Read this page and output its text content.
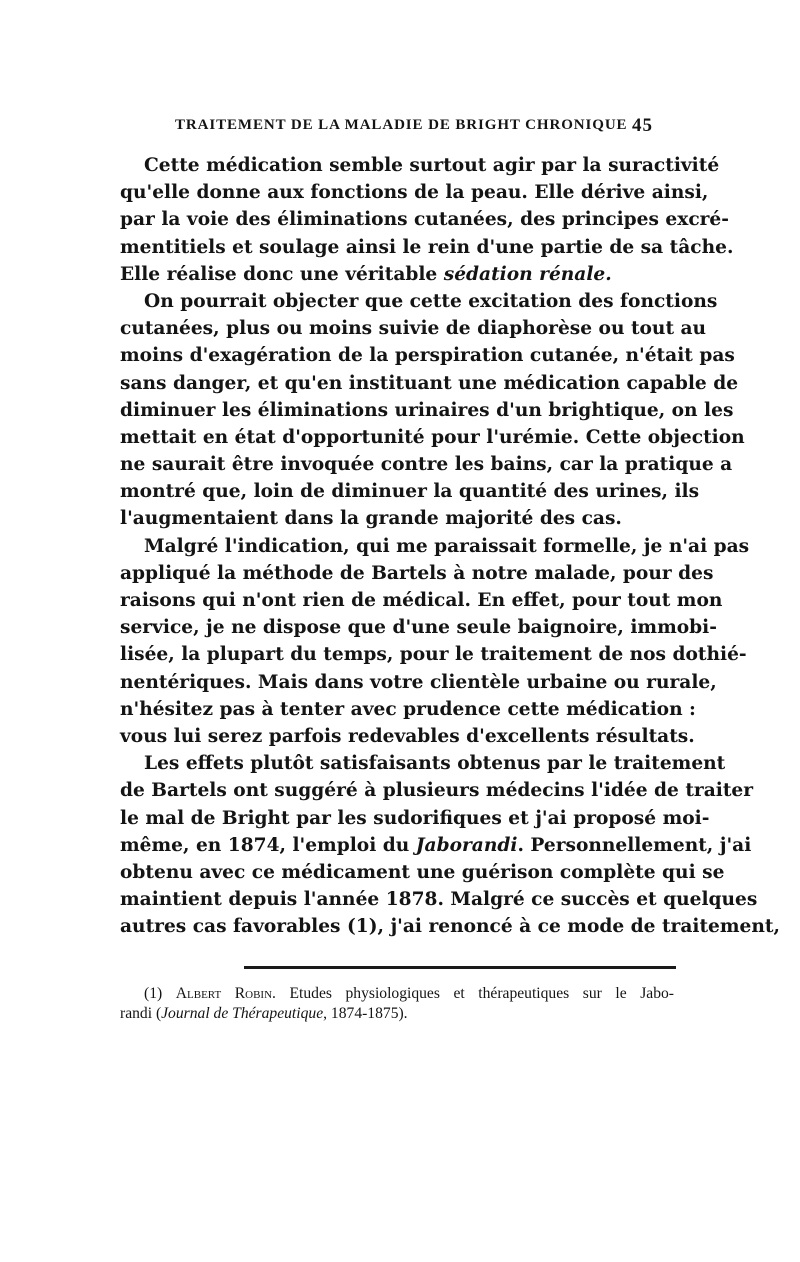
TRAITEMENT DE LA MALADIE DE BRIGHT CHRONIQUE 45
Cette médication semble surtout agir par la suractivité
qu'elle donne aux fonctions de la peau. Elle dérive ainsi,
par la voie des éliminations cutanées, des principes excré-
mentitiels et soulage ainsi le rein d'une partie de sa tâche.
Elle réalise donc une véritable sédation rénale.
On pourrait objecter que cette excitation des fonctions
cutanées, plus ou moins suivie de diaphorèse ou tout au
moins d'exagération de la perspiration cutanée, n'était pas
sans danger, et qu'en instituant une médication capable de
diminuer les éliminations urinaires d'un brightique, on les
mettait en état d'opportunité pour l'urémie. Cette objection
ne saurait être invoquée contre les bains, car la pratique a
montré que, loin de diminuer la quantité des urines, ils
l'augmentaient dans la grande majorité des cas.
Malgré l'indication, qui me paraissait formelle, je n'ai pas
appliqué la méthode de Bartels à notre malade, pour des
raisons qui n'ont rien de médical. En effet, pour tout mon
service, je ne dispose que d'une seule baignoire, immobi-
lisée, la plupart du temps, pour le traitement de nos dothié-
nentériques. Mais dans votre clientèle urbaine ou rurale,
n'hésitez pas à tenter avec prudence cette médication :
vous lui serez parfois redevables d'excellents résultats.
Les effets plutôt satisfaisants obtenus par le traitement
de Bartels ont suggéré à plusieurs médecins l'idée de traiter
le mal de Bright par les sudorifiques et j'ai proposé moi-
même, en 1874, l'emploi du Jaborandi. Personnellement, j'ai
obtenu avec ce médicament une guérison complète qui se
maintient depuis l'année 1878. Malgré ce succès et quelques
autres cas favorables (1), j'ai renoncé à ce mode de traitement,
(1) Albert Robin. Etudes physiologiques et thérapeutiques sur le Jabo-
randi (Journal de Thérapeutique, 1874-1875).
